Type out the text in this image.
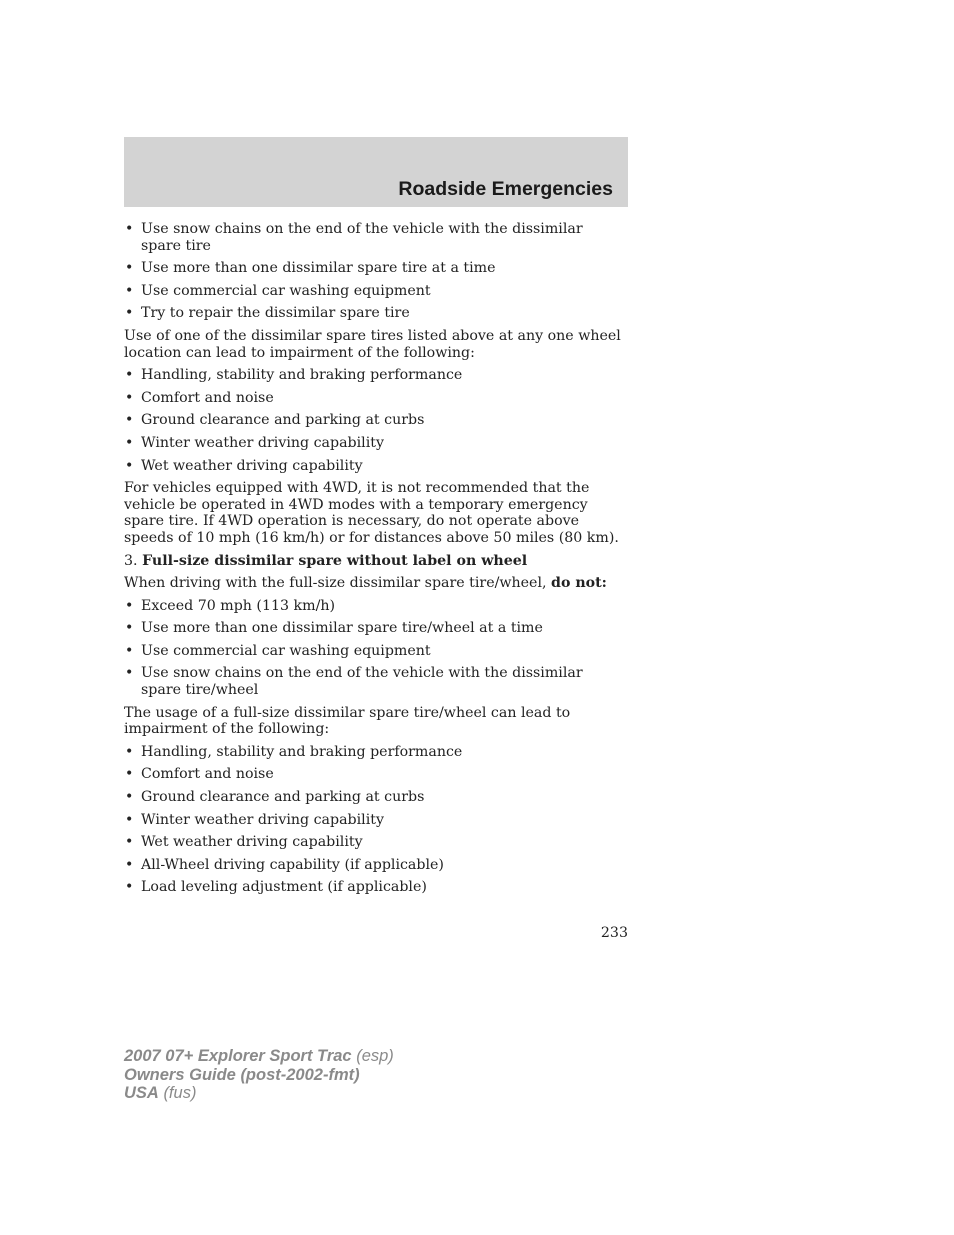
Roadside Emergencies
• Use snow chains on the end of the vehicle with the dissimilar spare tire
• Use more than one dissimilar spare tire at a time
• Use commercial car washing equipment
• Try to repair the dissimilar spare tire

Use of one of the dissimilar spare tires listed above at any one wheel location can lead to impairment of the following:

• Handling, stability and braking performance
• Comfort and noise
• Ground clearance and parking at curbs
• Winter weather driving capability
• Wet weather driving capability

For vehicles equipped with 4WD, it is not recommended that the vehicle be operated in 4WD modes with a temporary emergency spare tire. If 4WD operation is necessary, do not operate above speeds of 10 mph (16 km/h) or for distances above 50 miles (80 km).

3. Full-size dissimilar spare without label on wheel

When driving with the full-size dissimilar spare tire/wheel, do not:

• Exceed 70 mph (113 km/h)
• Use more than one dissimilar spare tire/wheel at a time
• Use commercial car washing equipment
• Use snow chains on the end of the vehicle with the dissimilar spare tire/wheel

The usage of a full-size dissimilar spare tire/wheel can lead to impairment of the following:

• Handling, stability and braking performance
• Comfort and noise
• Ground clearance and parking at curbs
• Winter weather driving capability
• Wet weather driving capability
• All-Wheel driving capability (if applicable)
• Load leveling adjustment (if applicable)
233
2007 07+ Explorer Sport Trac (esp)
Owners Guide (post-2002-fmt)
USA (fus)
